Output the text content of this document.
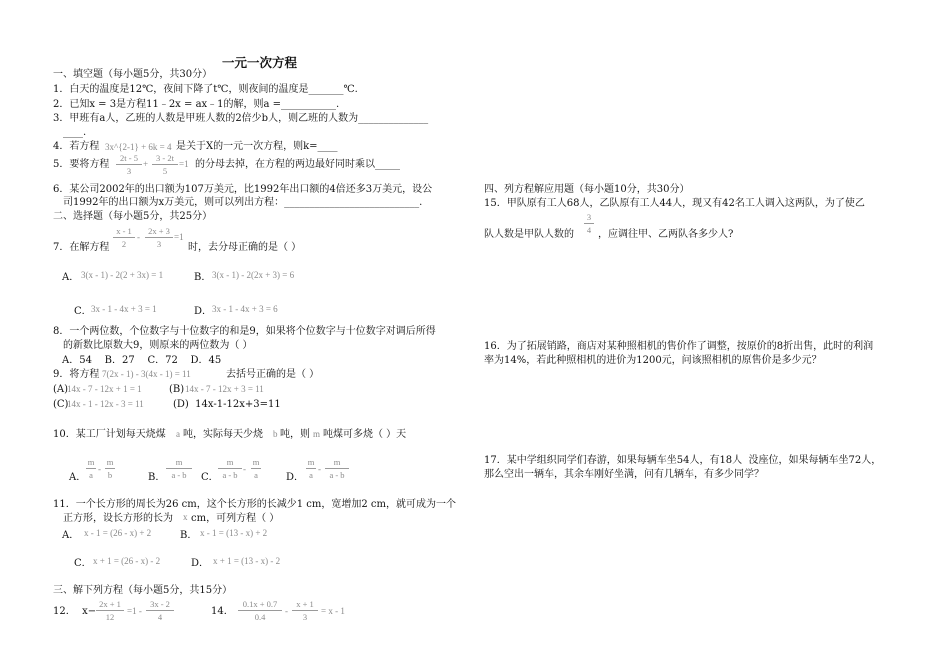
一元一次方程
一、填空题（每小题5分，共30分）
1．白天的温度是12℃，夜间下降了t℃，则夜间的温度是_______℃.
2．已知x = 3是方程11﹣2x = ax﹣1的解，则a =___________.
3．甲班有a人，乙班的人数是甲班人数的2倍少b人，则乙班的人数为______________
____.
4．若方程 3x^{2-1} + 6k = 4 是关于X的一元一次方程，则k=____
5．要将方程
2t - 5
3
+
3 - 2t
5
=1 的分母去掉，在方程的两边最好同时乘以_____
6．某公司2002年的出口额为107万美元，比1992年出口额的4倍还多3万美元，设公
司1992年的出口额为x万美元，则可以列出方程：___________________________.
二、选择题（每小题5分，共25分）
7．在解方程
x - 1
2
-
2x + 3
3
=1
时，去分母正确的是（ ）
A． 3(x - 1) - 2(2 + 3x) = 1	B． 3(x - 1) - 2(2x + 3) = 6
C． 3x - 1 - 4x + 3 = 1	D． 3x - 1 - 4x + 3 = 6
8．一个两位数，个位数字与十位数字的和是9，如果将个位数字与十位数字对调后所得
的新数比原数大9，则原来的两位数为（ ）
A．54    B．27    C．72    D．45
9．将方程 7(2x - 1) - 3(4x - 1) = 11	去括号正确的是（ ）
(A)
14x - 7 - 12x + 1 = 1	(B) 14x - 7 - 12x + 3 = 11
(C)
14x - 1 - 12x - 3 = 11	(D)  14x-1-12x+3=11
10．某工厂计划每天烧煤 a 吨，实际每天少烧 b 吨，则 m 吨煤可多烧（ ）天
A．
m
a
-
m
b	B．
m
a - b	C．
m
a - b
-
m
a	D．
m
a
-
m
a - b
11．一个长方形的周长为26 cm，这个长方形的长减少1 cm，宽增加2 cm，就可成为一个
正方形，设长方形的长为 x cm，可列方程（ ）
A． x - 1 = (26 - x) + 2	B． x - 1 = (13 - x) + 2
C． x + 1 = (26 - x) - 2	D． x + 1 = (13 - x) - 2
三、解下列方程（每小题5分，共15分）
12．  x−
2x + 1
12
=1 -
3x - 2
4	14．
0.1x + 0.7
0.4
-
x + 1
3
= x - 1
四、列方程解应用题（每小题10分，共30分）
15．甲队原有工人68人，乙队原有工人44人，现又有42名工人调入这两队，为了使乙
队人数是甲队人数的
3
4 ，应调往甲、乙两队各多少人?
16．为了拓展销路，商店对某种照相机的售价作了调整，按原价的8折出售，此时的利润
率为14%，若此种照相机的进价为1200元，问该照相机的原售价是多少元？
17．某中学组织同学们春游，如果每辆车坐54人，有18人  没座位，如果每辆车坐72人，
那么空出一辆车，其余车刚好坐满，问有几辆车，有多少同学？
